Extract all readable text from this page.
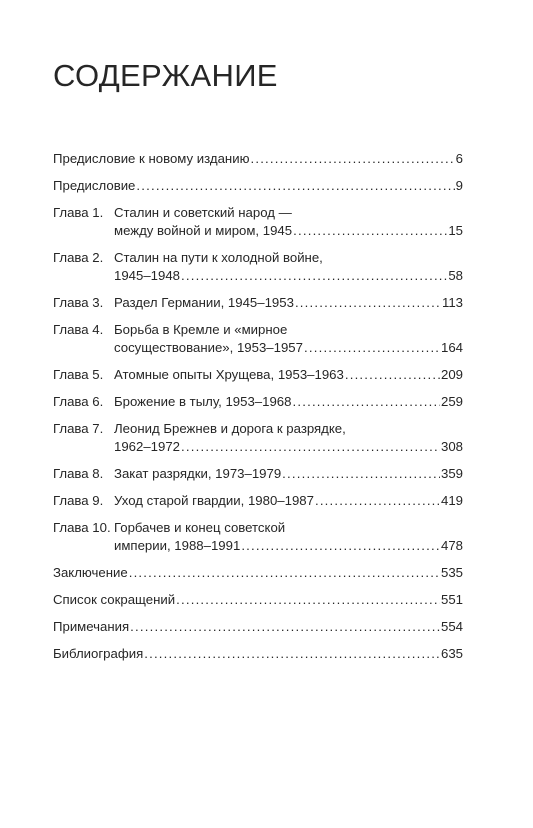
СОДЕРЖАНИЕ
Предисловие к новому изданию .....	6
Предисловие .....	9
Глава 1. Сталин и советский народ —
между войной и миром, 1945 .....	15
Глава 2. Сталин на пути к холодной войне,
1945–1948 .....	58
Глава 3. Раздел Германии, 1945–1953 .....	113
Глава 4. Борьба в Кремле и «мирное
сосуществование», 1953–1957 .....	164
Глава 5. Атомные опыты Хрущева, 1953–1963 .....	209
Глава 6. Брожение в тылу, 1953–1968 .....	259
Глава 7. Леонид Брежнев и дорога к разрядке,
1962–1972 .....	308
Глава 8. Закат разрядки, 1973–1979 .....	359
Глава 9. Уход старой гвардии, 1980–1987 .....	419
Глава 10. Горбачев и конец советской
империи, 1988–1991 .....	478
Заключение .....	535
Список сокращений .....	551
Примечания .....	554
Библиография .....	635
